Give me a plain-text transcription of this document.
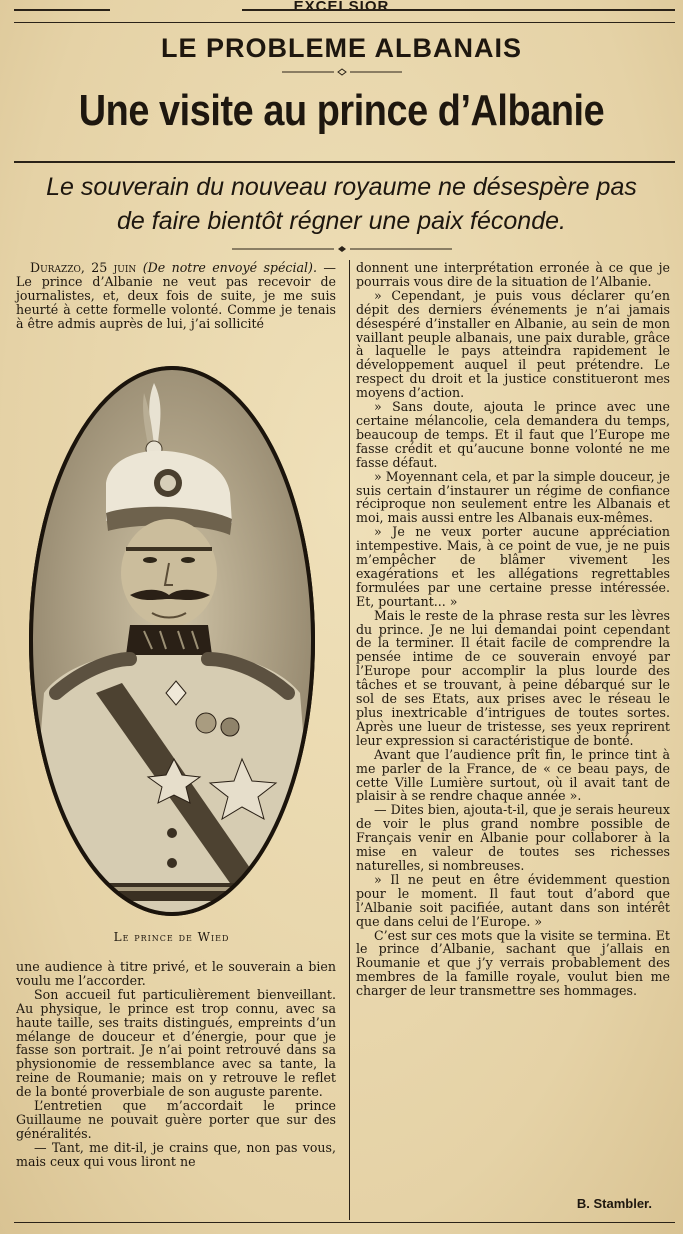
EXCELSIOR
LE PROBLEME ALBANAIS
Une visite au prince d’Albanie
Le souverain du nouveau royaume ne désespère pas
de faire bientôt régner une paix féconde.

Durazzo, 25 juin (De notre envoyé spécial). — Le prince d’Albanie ne veut pas recevoir de journalistes, et, deux fois de suite, je me suis heurté à cette formelle volonté. Comme je tenais à être admis auprès de lui, j’ai sollicité

Le prince de Wied

une audience à titre privé, et le souverain a bien voulu me l’accorder.

Son accueil fut particulièrement bienveillant. Au physique, le prince est trop connu, avec sa haute taille, ses traits distingués, empreints d’un mélange de douceur et d’énergie, pour que je fasse son portrait. Je n’ai point retrouvé dans sa physionomie de ressemblance avec sa tante, la reine de Roumanie; mais on y retrouve le reflet de la bonté proverbiale de son auguste parente.

L’entretien que m’accordait le prince Guillaume ne pouvait guère porter que sur des généralités.

— Tant, me dit-il, je crains que, non pas vous, mais ceux qui vous liront ne

donnent une interprétation erronée à ce que je pourrais vous dire de la situation de l’Albanie.

» Cependant, je puis vous déclarer qu’en dépit des derniers événements je n’ai jamais désespéré d’installer en Albanie, au sein de mon vaillant peuple albanais, une paix durable, grâce à laquelle le pays atteindra rapidement le développement auquel il peut prétendre. Le respect du droit et la justice constitueront mes moyens d’action.

» Sans doute, ajouta le prince avec une certaine mélancolie, cela demandera du temps, beaucoup de temps. Et il faut que l’Europe me fasse crédit et qu’aucune bonne volonté ne me fasse défaut.

» Moyennant cela, et par la simple douceur, je suis certain d’instaurer un régime de confiance réciproque non seulement entre les Albanais et moi, mais aussi entre les Albanais eux-mêmes.

» Je ne veux porter aucune appréciation intempestive. Mais, à ce point de vue, je ne puis m’empêcher de blâmer vivement les exagérations et les allégations regrettables formulées par une certaine presse intéressée. Et, pourtant... »

Mais le reste de la phrase resta sur les lèvres du prince. Je ne lui demandai point cependant de la terminer. Il était facile de comprendre la pensée intime de ce souverain envoyé par l’Europe pour accomplir la plus lourde des tâches et se trouvant, à peine débarqué sur le sol de ses Etats, aux prises avec le réseau le plus inextricable d’intrigues de toutes sortes. Après une lueur de tristesse, ses yeux reprirent leur expression si caractéristique de bonté.

Avant que l’audience prît fin, le prince tint à me parler de la France, de « ce beau pays, de cette Ville Lumière surtout, où il avait tant de plaisir à se rendre chaque année ».

— Dites bien, ajouta-t-il, que je serais heureux de voir le plus grand nombre possible de Français venir en Albanie pour collaborer à la mise en valeur de toutes ses richesses naturelles, si nombreuses.

» Il ne peut en être évidemment question pour le moment. Il faut tout d’abord que l’Albanie soit pacifiée, autant dans son intérêt que dans celui de l’Europe. »

C’est sur ces mots que la visite se termina. Et le prince d’Albanie, sachant que j’allais en Roumanie et que j’y verrais probablement des membres de la famille royale, voulut bien me charger de leur transmettre ses hommages.

B. Stambler.
